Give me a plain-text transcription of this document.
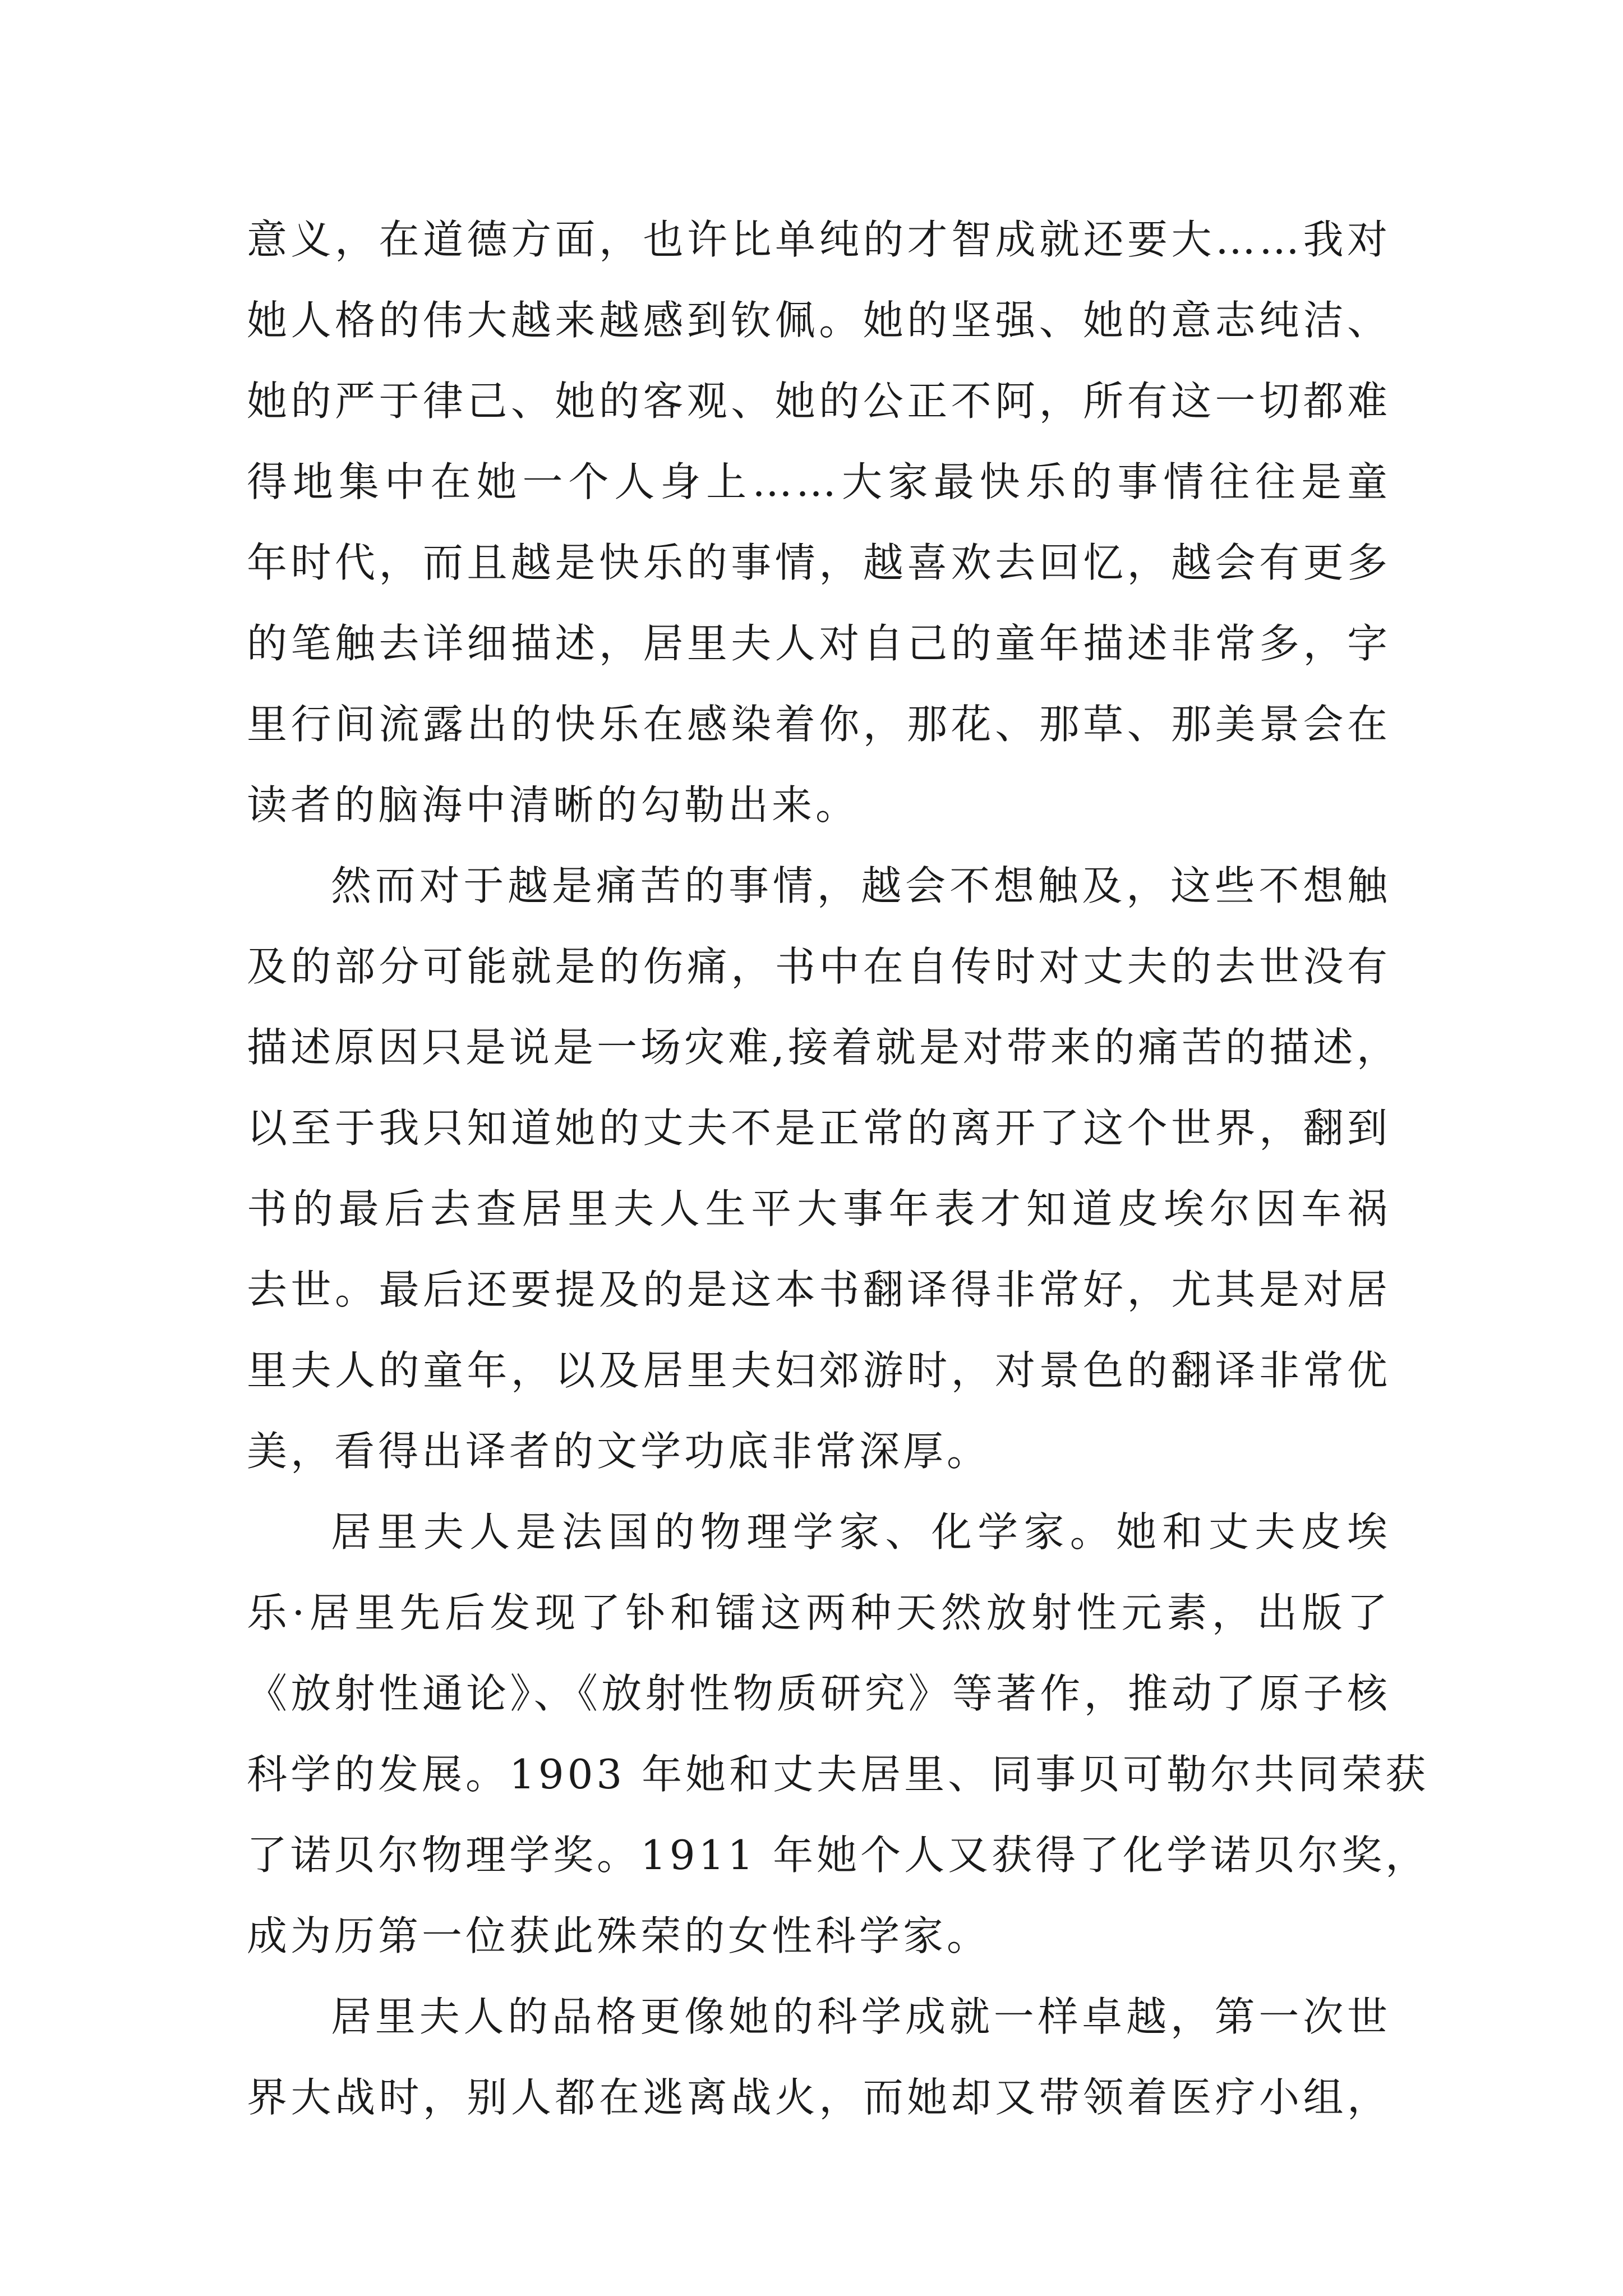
意义，在道德方面，也许比单纯的才智成就还要大……我对
她人格的伟大越来越感到钦佩。她的坚强、她的意志纯洁、
她的严于律己、她的客观、她的公正不阿，所有这一切都难
得地集中在她一个人身上……大家最快乐的事情往往是童
年时代，而且越是快乐的事情，越喜欢去回忆，越会有更多
的笔触去详细描述，居里夫人对自己的童年描述非常多，字
里行间流露出的快乐在感染着你，那花、那草、那美景会在
读者的脑海中清晰的勾勒出来。
然而对于越是痛苦的事情，越会不想触及，这些不想触
及的部分可能就是的伤痛，书中在自传时对丈夫的去世没有
描述原因只是说是一场灾难,接着就是对带来的痛苦的描述，
以至于我只知道她的丈夫不是正常的离开了这个世界，翻到
书的最后去查居里夫人生平大事年表才知道皮埃尔因车祸
去世。最后还要提及的是这本书翻译得非常好，尤其是对居
里夫人的童年，以及居里夫妇郊游时，对景色的翻译非常优
美，看得出译者的文学功底非常深厚。
居里夫人是法国的物理学家、化学家。她和丈夫皮埃
乐·居里先后发现了钋和镭这两种天然放射性元素，出版了
《放射性通论》、《放射性物质研究》等著作，推动了原子核
科学的发展。1903 年她和丈夫居里、同事贝可勒尔共同荣获
了诺贝尔物理学奖。1911 年她个人又获得了化学诺贝尔奖，
成为历第一位获此殊荣的女性科学家。
居里夫人的品格更像她的科学成就一样卓越，第一次世
界大战时，别人都在逃离战火，而她却又带领着医疗小组，
